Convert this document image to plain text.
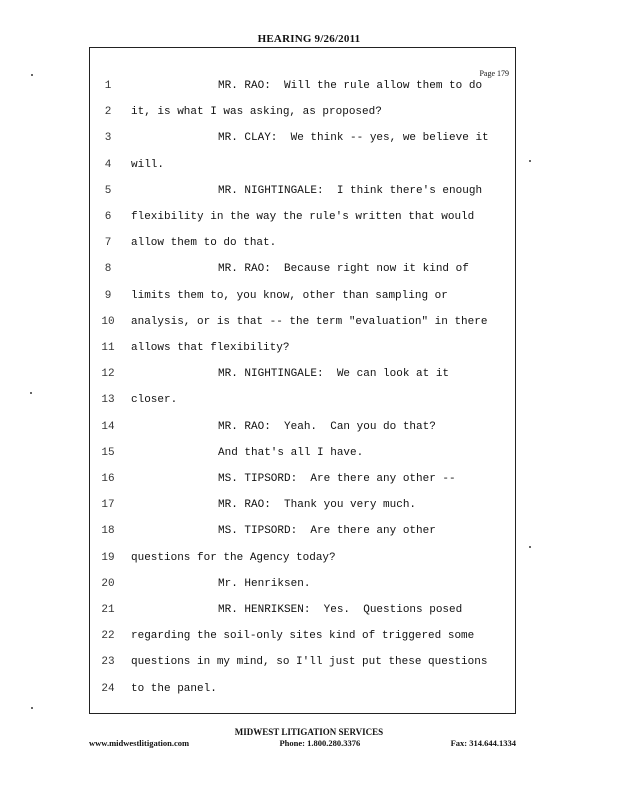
HEARING 9/26/2011
Page 179
1	MR. RAO:  Will the rule allow them to do
2	it, is what I was asking, as proposed?
3	MR. CLAY:  We think -- yes, we believe it
4	will.
5	MR. NIGHTINGALE:  I think there's enough
6	flexibility in the way the rule's written that would
7	allow them to do that.
8	MR. RAO:  Because right now it kind of
9	limits them to, you know, other than sampling or
10	analysis, or is that -- the term "evaluation" in there
11	allows that flexibility?
12	MR. NIGHTINGALE:  We can look at it
13	closer.
14	MR. RAO:  Yeah.  Can you do that?
15	And that's all I have.
16	MS. TIPSORD:  Are there any other --
17	MR. RAO:  Thank you very much.
18	MS. TIPSORD:  Are there any other
19	questions for the Agency today?
20	Mr. Henriksen.
21	MR. HENRIKSEN:  Yes.  Questions posed
22	regarding the soil-only sites kind of triggered some
23	questions in my mind, so I'll just put these questions
24	to the panel.
MIDWEST LITIGATION SERVICES
www.midwestlitigation.com	Phone: 1.800.280.3376	Fax: 314.644.1334
